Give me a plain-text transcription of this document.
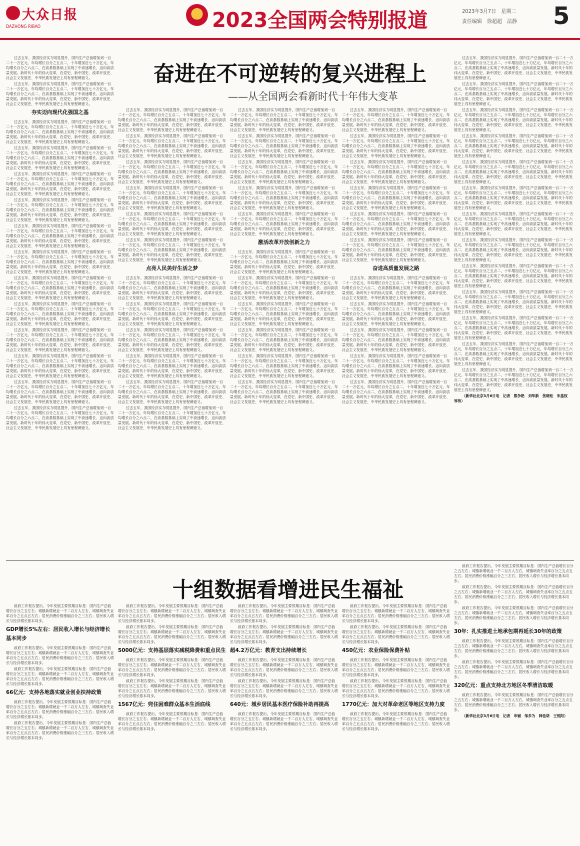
大众日报
DAZHONG RIBAO	2023全国两会特别报道	2023年3月7日　星期二
责任编辑　徐超超　法静 5
奋进在不可逆转的复兴进程上
——从全国两会看新时代十年伟大变革

过去五年，我国经济实力明显提升，国内生产总值增加到一百二十一万亿元，年均增长百分之五点二，十年增加近七十万亿元，年均增长百分之六点二，在高基数基础上实现了中高速增长、迈向高质量发展。新时代十年的伟大变革，在党史、新中国史、改革开放史、社会主义发展史、中华民族发展史上具有里程碑意义。

过去五年，我国经济实力明显提升，国内生产总值增加到一百二十一万亿元，年均增长百分之五点二，十年增加近七十万亿元，年均增长百分之六点二，在高基数基础上实现了中高速增长、迈向高质量发展。新时代十年的伟大变革，在党史、新中国史、改革开放史、社会主义发展史、中华民族发展史上具有里程碑意义。

夯实迈向现代化强国之基

过去五年，我国经济实力明显提升，国内生产总值增加到一百二十一万亿元，年均增长百分之五点二，十年增加近七十万亿元，年均增长百分之六点二，在高基数基础上实现了中高速增长、迈向高质量发展。新时代十年的伟大变革，在党史、新中国史、改革开放史、社会主义发展史、中华民族发展史上具有里程碑意义。

过去五年，我国经济实力明显提升，国内生产总值增加到一百二十一万亿元，年均增长百分之五点二，十年增加近七十万亿元，年均增长百分之六点二，在高基数基础上实现了中高速增长、迈向高质量发展。新时代十年的伟大变革，在党史、新中国史、改革开放史、社会主义发展史、中华民族发展史上具有里程碑意义。

过去五年，我国经济实力明显提升，国内生产总值增加到一百二十一万亿元，年均增长百分之五点二，十年增加近七十万亿元，年均增长百分之六点二，在高基数基础上实现了中高速增长、迈向高质量发展。新时代十年的伟大变革，在党史、新中国史、改革开放史、社会主义发展史、中华民族发展史上具有里程碑意义。

过去五年，我国经济实力明显提升，国内生产总值增加到一百二十一万亿元，年均增长百分之五点二，十年增加近七十万亿元，年均增长百分之六点二，在高基数基础上实现了中高速增长、迈向高质量发展。新时代十年的伟大变革，在党史、新中国史、改革开放史、社会主义发展史、中华民族发展史上具有里程碑意义。

过去五年，我国经济实力明显提升，国内生产总值增加到一百二十一万亿元，年均增长百分之五点二，十年增加近七十万亿元，年均增长百分之六点二，在高基数基础上实现了中高速增长、迈向高质量发展。新时代十年的伟大变革，在党史、新中国史、改革开放史、社会主义发展史、中华民族发展史上具有里程碑意义。

过去五年，我国经济实力明显提升，国内生产总值增加到一百二十一万亿元，年均增长百分之五点二，十年增加近七十万亿元，年均增长百分之六点二，在高基数基础上实现了中高速增长、迈向高质量发展。新时代十年的伟大变革，在党史、新中国史、改革开放史、社会主义发展史、中华民族发展史上具有里程碑意义。

过去五年，我国经济实力明显提升，国内生产总值增加到一百二十一万亿元，年均增长百分之五点二，十年增加近七十万亿元，年均增长百分之六点二，在高基数基础上实现了中高速增长、迈向高质量发展。新时代十年的伟大变革，在党史、新中国史、改革开放史、社会主义发展史、中华民族发展史上具有里程碑意义。

过去五年，我国经济实力明显提升，国内生产总值增加到一百二十一万亿元，年均增长百分之五点二，十年增加近七十万亿元，年均增长百分之六点二，在高基数基础上实现了中高速增长、迈向高质量发展。新时代十年的伟大变革，在党史、新中国史、改革开放史、社会主义发展史、中华民族发展史上具有里程碑意义。

过去五年，我国经济实力明显提升，国内生产总值增加到一百二十一万亿元，年均增长百分之五点二，十年增加近七十万亿元，年均增长百分之六点二，在高基数基础上实现了中高速增长、迈向高质量发展。新时代十年的伟大变革，在党史、新中国史、改革开放史、社会主义发展史、中华民族发展史上具有里程碑意义。

过去五年，我国经济实力明显提升，国内生产总值增加到一百二十一万亿元，年均增长百分之五点二，十年增加近七十万亿元，年均增长百分之六点二，在高基数基础上实现了中高速增长、迈向高质量发展。新时代十年的伟大变革，在党史、新中国史、改革开放史、社会主义发展史、中华民族发展史上具有里程碑意义。

过去五年，我国经济实力明显提升，国内生产总值增加到一百二十一万亿元，年均增长百分之五点二，十年增加近七十万亿元，年均增长百分之六点二，在高基数基础上实现了中高速增长、迈向高质量发展。新时代十年的伟大变革，在党史、新中国史、改革开放史、社会主义发展史、中华民族发展史上具有里程碑意义。

过去五年，我国经济实力明显提升，国内生产总值增加到一百二十一万亿元，年均增长百分之五点二，十年增加近七十万亿元，年均增长百分之六点二，在高基数基础上实现了中高速增长、迈向高质量发展。新时代十年的伟大变革，在党史、新中国史、改革开放史、社会主义发展史、中华民族发展史上具有里程碑意义。

过去五年，我国经济实力明显提升，国内生产总值增加到一百二十一万亿元，年均增长百分之五点二，十年增加近七十万亿元，年均增长百分之六点二，在高基数基础上实现了中高速增长、迈向高质量发展。新时代十年的伟大变革，在党史、新中国史、改革开放史、社会主义发展史、中华民族发展史上具有里程碑意义。

过去五年，我国经济实力明显提升，国内生产总值增加到一百二十一万亿元，年均增长百分之五点二，十年增加近七十万亿元，年均增长百分之六点二，在高基数基础上实现了中高速增长、迈向高质量发展。新时代十年的伟大变革，在党史、新中国史、改革开放史、社会主义发展史、中华民族发展史上具有里程碑意义。

过去五年，我国经济实力明显提升，国内生产总值增加到一百二十一万亿元，年均增长百分之五点二，十年增加近七十万亿元，年均增长百分之六点二，在高基数基础上实现了中高速增长、迈向高质量发展。新时代十年的伟大变革，在党史、新中国史、改革开放史、社会主义发展史、中华民族发展史上具有里程碑意义。

过去五年，我国经济实力明显提升，国内生产总值增加到一百二十一万亿元，年均增长百分之五点二，十年增加近七十万亿元，年均增长百分之六点二，在高基数基础上实现了中高速增长、迈向高质量发展。新时代十年的伟大变革，在党史、新中国史、改革开放史、社会主义发展史、中华民族发展史上具有里程碑意义。

过去五年，我国经济实力明显提升，国内生产总值增加到一百二十一万亿元，年均增长百分之五点二，十年增加近七十万亿元，年均增长百分之六点二，在高基数基础上实现了中高速增长、迈向高质量发展。新时代十年的伟大变革，在党史、新中国史、改革开放史、社会主义发展史、中华民族发展史上具有里程碑意义。

过去五年，我国经济实力明显提升，国内生产总值增加到一百二十一万亿元，年均增长百分之五点二，十年增加近七十万亿元，年均增长百分之六点二，在高基数基础上实现了中高速增长、迈向高质量发展。新时代十年的伟大变革，在党史、新中国史、改革开放史、社会主义发展史、中华民族发展史上具有里程碑意义。

点亮人民美好生活之梦

过去五年，我国经济实力明显提升，国内生产总值增加到一百二十一万亿元，年均增长百分之五点二，十年增加近七十万亿元，年均增长百分之六点二，在高基数基础上实现了中高速增长、迈向高质量发展。新时代十年的伟大变革，在党史、新中国史、改革开放史、社会主义发展史、中华民族发展史上具有里程碑意义。

过去五年，我国经济实力明显提升，国内生产总值增加到一百二十一万亿元，年均增长百分之五点二，十年增加近七十万亿元，年均增长百分之六点二，在高基数基础上实现了中高速增长、迈向高质量发展。新时代十年的伟大变革，在党史、新中国史、改革开放史、社会主义发展史、中华民族发展史上具有里程碑意义。

过去五年，我国经济实力明显提升，国内生产总值增加到一百二十一万亿元，年均增长百分之五点二，十年增加近七十万亿元，年均增长百分之六点二，在高基数基础上实现了中高速增长、迈向高质量发展。新时代十年的伟大变革，在党史、新中国史、改革开放史、社会主义发展史、中华民族发展史上具有里程碑意义。

过去五年，我国经济实力明显提升，国内生产总值增加到一百二十一万亿元，年均增长百分之五点二，十年增加近七十万亿元，年均增长百分之六点二，在高基数基础上实现了中高速增长、迈向高质量发展。新时代十年的伟大变革，在党史、新中国史、改革开放史、社会主义发展史、中华民族发展史上具有里程碑意义。

过去五年，我国经济实力明显提升，国内生产总值增加到一百二十一万亿元，年均增长百分之五点二，十年增加近七十万亿元，年均增长百分之六点二，在高基数基础上实现了中高速增长、迈向高质量发展。新时代十年的伟大变革，在党史、新中国史、改革开放史、社会主义发展史、中华民族发展史上具有里程碑意义。

过去五年，我国经济实力明显提升，国内生产总值增加到一百二十一万亿元，年均增长百分之五点二，十年增加近七十万亿元，年均增长百分之六点二，在高基数基础上实现了中高速增长、迈向高质量发展。新时代十年的伟大变革，在党史、新中国史、改革开放史、社会主义发展史、中华民族发展史上具有里程碑意义。

过去五年，我国经济实力明显提升，国内生产总值增加到一百二十一万亿元，年均增长百分之五点二，十年增加近七十万亿元，年均增长百分之六点二，在高基数基础上实现了中高速增长、迈向高质量发展。新时代十年的伟大变革，在党史、新中国史、改革开放史、社会主义发展史、中华民族发展史上具有里程碑意义。

过去五年，我国经济实力明显提升，国内生产总值增加到一百二十一万亿元，年均增长百分之五点二，十年增加近七十万亿元，年均增长百分之六点二，在高基数基础上实现了中高速增长、迈向高质量发展。新时代十年的伟大变革，在党史、新中国史、改革开放史、社会主义发展史、中华民族发展史上具有里程碑意义。

过去五年，我国经济实力明显提升，国内生产总值增加到一百二十一万亿元，年均增长百分之五点二，十年增加近七十万亿元，年均增长百分之六点二，在高基数基础上实现了中高速增长、迈向高质量发展。新时代十年的伟大变革，在党史、新中国史、改革开放史、社会主义发展史、中华民族发展史上具有里程碑意义。

过去五年，我国经济实力明显提升，国内生产总值增加到一百二十一万亿元，年均增长百分之五点二，十年增加近七十万亿元，年均增长百分之六点二，在高基数基础上实现了中高速增长、迈向高质量发展。新时代十年的伟大变革，在党史、新中国史、改革开放史、社会主义发展史、中华民族发展史上具有里程碑意义。

过去五年，我国经济实力明显提升，国内生产总值增加到一百二十一万亿元，年均增长百分之五点二，十年增加近七十万亿元，年均增长百分之六点二，在高基数基础上实现了中高速增长、迈向高质量发展。新时代十年的伟大变革，在党史、新中国史、改革开放史、社会主义发展史、中华民族发展史上具有里程碑意义。

激活改革开放创新之力

过去五年，我国经济实力明显提升，国内生产总值增加到一百二十一万亿元，年均增长百分之五点二，十年增加近七十万亿元，年均增长百分之六点二，在高基数基础上实现了中高速增长、迈向高质量发展。新时代十年的伟大变革，在党史、新中国史、改革开放史、社会主义发展史、中华民族发展史上具有里程碑意义。

过去五年，我国经济实力明显提升，国内生产总值增加到一百二十一万亿元，年均增长百分之五点二，十年增加近七十万亿元，年均增长百分之六点二，在高基数基础上实现了中高速增长、迈向高质量发展。新时代十年的伟大变革，在党史、新中国史、改革开放史、社会主义发展史、中华民族发展史上具有里程碑意义。

过去五年，我国经济实力明显提升，国内生产总值增加到一百二十一万亿元，年均增长百分之五点二，十年增加近七十万亿元，年均增长百分之六点二，在高基数基础上实现了中高速增长、迈向高质量发展。新时代十年的伟大变革，在党史、新中国史、改革开放史、社会主义发展史、中华民族发展史上具有里程碑意义。

过去五年，我国经济实力明显提升，国内生产总值增加到一百二十一万亿元，年均增长百分之五点二，十年增加近七十万亿元，年均增长百分之六点二，在高基数基础上实现了中高速增长、迈向高质量发展。新时代十年的伟大变革，在党史、新中国史、改革开放史、社会主义发展史、中华民族发展史上具有里程碑意义。

过去五年，我国经济实力明显提升，国内生产总值增加到一百二十一万亿元，年均增长百分之五点二，十年增加近七十万亿元，年均增长百分之六点二，在高基数基础上实现了中高速增长、迈向高质量发展。新时代十年的伟大变革，在党史、新中国史、改革开放史、社会主义发展史、中华民族发展史上具有里程碑意义。

过去五年，我国经济实力明显提升，国内生产总值增加到一百二十一万亿元，年均增长百分之五点二，十年增加近七十万亿元，年均增长百分之六点二，在高基数基础上实现了中高速增长、迈向高质量发展。新时代十年的伟大变革，在党史、新中国史、改革开放史、社会主义发展史、中华民族发展史上具有里程碑意义。

过去五年，我国经济实力明显提升，国内生产总值增加到一百二十一万亿元，年均增长百分之五点二，十年增加近七十万亿元，年均增长百分之六点二，在高基数基础上实现了中高速增长、迈向高质量发展。新时代十年的伟大变革，在党史、新中国史、改革开放史、社会主义发展史、中华民族发展史上具有里程碑意义。

过去五年，我国经济实力明显提升，国内生产总值增加到一百二十一万亿元，年均增长百分之五点二，十年增加近七十万亿元，年均增长百分之六点二，在高基数基础上实现了中高速增长、迈向高质量发展。新时代十年的伟大变革，在党史、新中国史、改革开放史、社会主义发展史、中华民族发展史上具有里程碑意义。

过去五年，我国经济实力明显提升，国内生产总值增加到一百二十一万亿元，年均增长百分之五点二，十年增加近七十万亿元，年均增长百分之六点二，在高基数基础上实现了中高速增长、迈向高质量发展。新时代十年的伟大变革，在党史、新中国史、改革开放史、社会主义发展史、中华民族发展史上具有里程碑意义。

过去五年，我国经济实力明显提升，国内生产总值增加到一百二十一万亿元，年均增长百分之五点二，十年增加近七十万亿元，年均增长百分之六点二，在高基数基础上实现了中高速增长、迈向高质量发展。新时代十年的伟大变革，在党史、新中国史、改革开放史、社会主义发展史、中华民族发展史上具有里程碑意义。

过去五年，我国经济实力明显提升，国内生产总值增加到一百二十一万亿元，年均增长百分之五点二，十年增加近七十万亿元，年均增长百分之六点二，在高基数基础上实现了中高速增长、迈向高质量发展。新时代十年的伟大变革，在党史、新中国史、改革开放史、社会主义发展史、中华民族发展史上具有里程碑意义。

过去五年，我国经济实力明显提升，国内生产总值增加到一百二十一万亿元，年均增长百分之五点二，十年增加近七十万亿元，年均增长百分之六点二，在高基数基础上实现了中高速增长、迈向高质量发展。新时代十年的伟大变革，在党史、新中国史、改革开放史、社会主义发展史、中华民族发展史上具有里程碑意义。

奋进高质量发展之路

过去五年，我国经济实力明显提升，国内生产总值增加到一百二十一万亿元，年均增长百分之五点二，十年增加近七十万亿元，年均增长百分之六点二，在高基数基础上实现了中高速增长、迈向高质量发展。新时代十年的伟大变革，在党史、新中国史、改革开放史、社会主义发展史、中华民族发展史上具有里程碑意义。

过去五年，我国经济实力明显提升，国内生产总值增加到一百二十一万亿元，年均增长百分之五点二，十年增加近七十万亿元，年均增长百分之六点二，在高基数基础上实现了中高速增长、迈向高质量发展。新时代十年的伟大变革，在党史、新中国史、改革开放史、社会主义发展史、中华民族发展史上具有里程碑意义。

过去五年，我国经济实力明显提升，国内生产总值增加到一百二十一万亿元，年均增长百分之五点二，十年增加近七十万亿元，年均增长百分之六点二，在高基数基础上实现了中高速增长、迈向高质量发展。新时代十年的伟大变革，在党史、新中国史、改革开放史、社会主义发展史、中华民族发展史上具有里程碑意义。

过去五年，我国经济实力明显提升，国内生产总值增加到一百二十一万亿元，年均增长百分之五点二，十年增加近七十万亿元，年均增长百分之六点二，在高基数基础上实现了中高速增长、迈向高质量发展。新时代十年的伟大变革，在党史、新中国史、改革开放史、社会主义发展史、中华民族发展史上具有里程碑意义。

过去五年，我国经济实力明显提升，国内生产总值增加到一百二十一万亿元，年均增长百分之五点二，十年增加近七十万亿元，年均增长百分之六点二，在高基数基础上实现了中高速增长、迈向高质量发展。新时代十年的伟大变革，在党史、新中国史、改革开放史、社会主义发展史、中华民族发展史上具有里程碑意义。

过去五年，我国经济实力明显提升，国内生产总值增加到一百二十一万亿元，年均增长百分之五点二，十年增加近七十万亿元，年均增长百分之六点二，在高基数基础上实现了中高速增长、迈向高质量发展。新时代十年的伟大变革，在党史、新中国史、改革开放史、社会主义发展史、中华民族发展史上具有里程碑意义。

过去五年，我国经济实力明显提升，国内生产总值增加到一百二十一万亿元，年均增长百分之五点二，十年增加近七十万亿元，年均增长百分之六点二，在高基数基础上实现了中高速增长、迈向高质量发展。新时代十年的伟大变革，在党史、新中国史、改革开放史、社会主义发展史、中华民族发展史上具有里程碑意义。

过去五年，我国经济实力明显提升，国内生产总值增加到一百二十一万亿元，年均增长百分之五点二，十年增加近七十万亿元，年均增长百分之六点二，在高基数基础上实现了中高速增长、迈向高质量发展。新时代十年的伟大变革，在党史、新中国史、改革开放史、社会主义发展史、中华民族发展史上具有里程碑意义。

过去五年，我国经济实力明显提升，国内生产总值增加到一百二十一万亿元，年均增长百分之五点二，十年增加近七十万亿元，年均增长百分之六点二，在高基数基础上实现了中高速增长、迈向高质量发展。新时代十年的伟大变革，在党史、新中国史、改革开放史、社会主义发展史、中华民族发展史上具有里程碑意义。

过去五年，我国经济实力明显提升，国内生产总值增加到一百二十一万亿元，年均增长百分之五点二，十年增加近七十万亿元，年均增长百分之六点二，在高基数基础上实现了中高速增长、迈向高质量发展。新时代十年的伟大变革，在党史、新中国史、改革开放史、社会主义发展史、中华民族发展史上具有里程碑意义。

过去五年，我国经济实力明显提升，国内生产总值增加到一百二十一万亿元，年均增长百分之五点二，十年增加近七十万亿元，年均增长百分之六点二，在高基数基础上实现了中高速增长、迈向高质量发展。新时代十年的伟大变革，在党史、新中国史、改革开放史、社会主义发展史、中华民族发展史上具有里程碑意义。

过去五年，我国经济实力明显提升，国内生产总值增加到一百二十一万亿元，年均增长百分之五点二，十年增加近七十万亿元，年均增长百分之六点二，在高基数基础上实现了中高速增长、迈向高质量发展。新时代十年的伟大变革，在党史、新中国史、改革开放史、社会主义发展史、中华民族发展史上具有里程碑意义。

过去五年，我国经济实力明显提升，国内生产总值增加到一百二十一万亿元，年均增长百分之五点二，十年增加近七十万亿元，年均增长百分之六点二，在高基数基础上实现了中高速增长、迈向高质量发展。新时代十年的伟大变革，在党史、新中国史、改革开放史、社会主义发展史、中华民族发展史上具有里程碑意义。

过去五年，我国经济实力明显提升，国内生产总值增加到一百二十一万亿元，年均增长百分之五点二，十年增加近七十万亿元，年均增长百分之六点二，在高基数基础上实现了中高速增长、迈向高质量发展。新时代十年的伟大变革，在党史、新中国史、改革开放史、社会主义发展史、中华民族发展史上具有里程碑意义。

过去五年，我国经济实力明显提升，国内生产总值增加到一百二十一万亿元，年均增长百分之五点二，十年增加近七十万亿元，年均增长百分之六点二，在高基数基础上实现了中高速增长、迈向高质量发展。新时代十年的伟大变革，在党史、新中国史、改革开放史、社会主义发展史、中华民族发展史上具有里程碑意义。

过去五年，我国经济实力明显提升，国内生产总值增加到一百二十一万亿元，年均增长百分之五点二，十年增加近七十万亿元，年均增长百分之六点二，在高基数基础上实现了中高速增长、迈向高质量发展。新时代十年的伟大变革，在党史、新中国史、改革开放史、社会主义发展史、中华民族发展史上具有里程碑意义。

过去五年，我国经济实力明显提升，国内生产总值增加到一百二十一万亿元，年均增长百分之五点二，十年增加近七十万亿元，年均增长百分之六点二，在高基数基础上实现了中高速增长、迈向高质量发展。新时代十年的伟大变革，在党史、新中国史、改革开放史、社会主义发展史、中华民族发展史上具有里程碑意义。

过去五年，我国经济实力明显提升，国内生产总值增加到一百二十一万亿元，年均增长百分之五点二，十年增加近七十万亿元，年均增长百分之六点二，在高基数基础上实现了中高速增长、迈向高质量发展。新时代十年的伟大变革，在党史、新中国史、改革开放史、社会主义发展史、中华民族发展史上具有里程碑意义。

（新华社北京3月6日电　记者　熊争艳　刘华新　张晓松　朱基钗　邹伟）

十组数据看增进民生福祉

政府工作报告提出，今年发展主要预期目标是：国内生产总值增长百分之五左右；城镇新增就业一千二百万人左右，城镇调查失业率百分之五点五左右；居民消费价格涨幅百分之三左右；居民收入增长与经济增长基本同步。

GDP增长5%左右：居民收入增长与经济增长基本同步

政府工作报告提出，今年发展主要预期目标是：国内生产总值增长百分之五左右；城镇新增就业一千二百万人左右，城镇调查失业率百分之五点五左右；居民消费价格涨幅百分之三左右；居民收入增长与经济增长基本同步。

政府工作报告提出，今年发展主要预期目标是：国内生产总值增长百分之五左右；城镇新增就业一千二百万人左右，城镇调查失业率百分之五点五左右；居民消费价格涨幅百分之三左右；居民收入增长与经济增长基本同步。

66亿元：支持各地落实就业创业扶持政策

政府工作报告提出，今年发展主要预期目标是：国内生产总值增长百分之五左右；城镇新增就业一千二百万人左右，城镇调查失业率百分之五点五左右；居民消费价格涨幅百分之三左右；居民收入增长与经济增长基本同步。

政府工作报告提出，今年发展主要预期目标是：国内生产总值增长百分之五左右；城镇新增就业一千二百万人左右，城镇调查失业率百分之五点五左右；居民消费价格涨幅百分之三左右；居民收入增长与经济增长基本同步。

政府工作报告提出，今年发展主要预期目标是：国内生产总值增长百分之五左右；城镇新增就业一千二百万人左右，城镇调查失业率百分之五点五左右；居民消费价格涨幅百分之三左右；居民收入增长与经济增长基本同步。

政府工作报告提出，今年发展主要预期目标是：国内生产总值增长百分之五左右；城镇新增就业一千二百万人左右，城镇调查失业率百分之五点五左右；居民消费价格涨幅百分之三左右；居民收入增长与经济增长基本同步。

5000亿元：支持基层落实减税降费和重点民生

政府工作报告提出，今年发展主要预期目标是：国内生产总值增长百分之五左右；城镇新增就业一千二百万人左右，城镇调查失业率百分之五点五左右；居民消费价格涨幅百分之三左右；居民收入增长与经济增长基本同步。

政府工作报告提出，今年发展主要预期目标是：国内生产总值增长百分之五左右；城镇新增就业一千二百万人左右，城镇调查失业率百分之五点五左右；居民消费价格涨幅百分之三左右；居民收入增长与经济增长基本同步。

1567亿元：兜住困难群众基本生活底线

政府工作报告提出，今年发展主要预期目标是：国内生产总值增长百分之五左右；城镇新增就业一千二百万人左右，城镇调查失业率百分之五点五左右；居民消费价格涨幅百分之三左右；居民收入增长与经济增长基本同步。

政府工作报告提出，今年发展主要预期目标是：国内生产总值增长百分之五左右；城镇新增就业一千二百万人左右，城镇调查失业率百分之五点五左右；居民消费价格涨幅百分之三左右；居民收入增长与经济增长基本同步。

政府工作报告提出，今年发展主要预期目标是：国内生产总值增长百分之五左右；城镇新增就业一千二百万人左右，城镇调查失业率百分之五点五左右；居民消费价格涨幅百分之三左右；居民收入增长与经济增长基本同步。

超4.2万亿元：教育支出持续增长

政府工作报告提出，今年发展主要预期目标是：国内生产总值增长百分之五左右；城镇新增就业一千二百万人左右，城镇调查失业率百分之五点五左右；居民消费价格涨幅百分之三左右；居民收入增长与经济增长基本同步。

政府工作报告提出，今年发展主要预期目标是：国内生产总值增长百分之五左右；城镇新增就业一千二百万人左右，城镇调查失业率百分之五点五左右；居民消费价格涨幅百分之三左右；居民收入增长与经济增长基本同步。

640元：城乡居民基本医疗保险补助再提高

政府工作报告提出，今年发展主要预期目标是：国内生产总值增长百分之五左右；城镇新增就业一千二百万人左右，城镇调查失业率百分之五点五左右；居民消费价格涨幅百分之三左右；居民收入增长与经济增长基本同步。

政府工作报告提出，今年发展主要预期目标是：国内生产总值增长百分之五左右；城镇新增就业一千二百万人左右，城镇调查失业率百分之五点五左右；居民消费价格涨幅百分之三左右；居民收入增长与经济增长基本同步。

政府工作报告提出，今年发展主要预期目标是：国内生产总值增长百分之五左右；城镇新增就业一千二百万人左右，城镇调查失业率百分之五点五左右；居民消费价格涨幅百分之三左右；居民收入增长与经济增长基本同步。

450亿元：农业保险保费补贴

政府工作报告提出，今年发展主要预期目标是：国内生产总值增长百分之五左右；城镇新增就业一千二百万人左右，城镇调查失业率百分之五点五左右；居民消费价格涨幅百分之三左右；居民收入增长与经济增长基本同步。

政府工作报告提出，今年发展主要预期目标是：国内生产总值增长百分之五左右；城镇新增就业一千二百万人左右，城镇调查失业率百分之五点五左右；居民消费价格涨幅百分之三左右；居民收入增长与经济增长基本同步。

1770亿元：加大对革命老区等地区支持力度

政府工作报告提出，今年发展主要预期目标是：国内生产总值增长百分之五左右；城镇新增就业一千二百万人左右，城镇调查失业率百分之五点五左右；居民消费价格涨幅百分之三左右；居民收入增长与经济增长基本同步。

政府工作报告提出，今年发展主要预期目标是：国内生产总值增长百分之五左右；城镇新增就业一千二百万人左右，城镇调查失业率百分之五点五左右；居民消费价格涨幅百分之三左右；居民收入增长与经济增长基本同步。

政府工作报告提出，今年发展主要预期目标是：国内生产总值增长百分之五左右；城镇新增就业一千二百万人左右，城镇调查失业率百分之五点五左右；居民消费价格涨幅百分之三左右；居民收入增长与经济增长基本同步。

政府工作报告提出，今年发展主要预期目标是：国内生产总值增长百分之五左右；城镇新增就业一千二百万人左右，城镇调查失业率百分之五点五左右；居民消费价格涨幅百分之三左右；居民收入增长与经济增长基本同步。

30年：扎实推进土地承包期再延长30年的政策

政府工作报告提出，今年发展主要预期目标是：国内生产总值增长百分之五左右；城镇新增就业一千二百万人左右，城镇调查失业率百分之五点五左右；居民消费价格涨幅百分之三左右；居民收入增长与经济增长基本同步。

政府工作报告提出，今年发展主要预期目标是：国内生产总值增长百分之五左右；城镇新增就业一千二百万人左右，城镇调查失业率百分之五点五左右；居民消费价格涨幅百分之三左右；居民收入增长与经济增长基本同步。

320亿元：重点支持北方地区冬季清洁取暖

政府工作报告提出，今年发展主要预期目标是：国内生产总值增长百分之五左右；城镇新增就业一千二百万人左右，城镇调查失业率百分之五点五左右；居民消费价格涨幅百分之三左右；居民收入增长与经济增长基本同步。

（新华社北京3月6日电　记者　申铖　邹多为　韩佳诺　王悦阳）
